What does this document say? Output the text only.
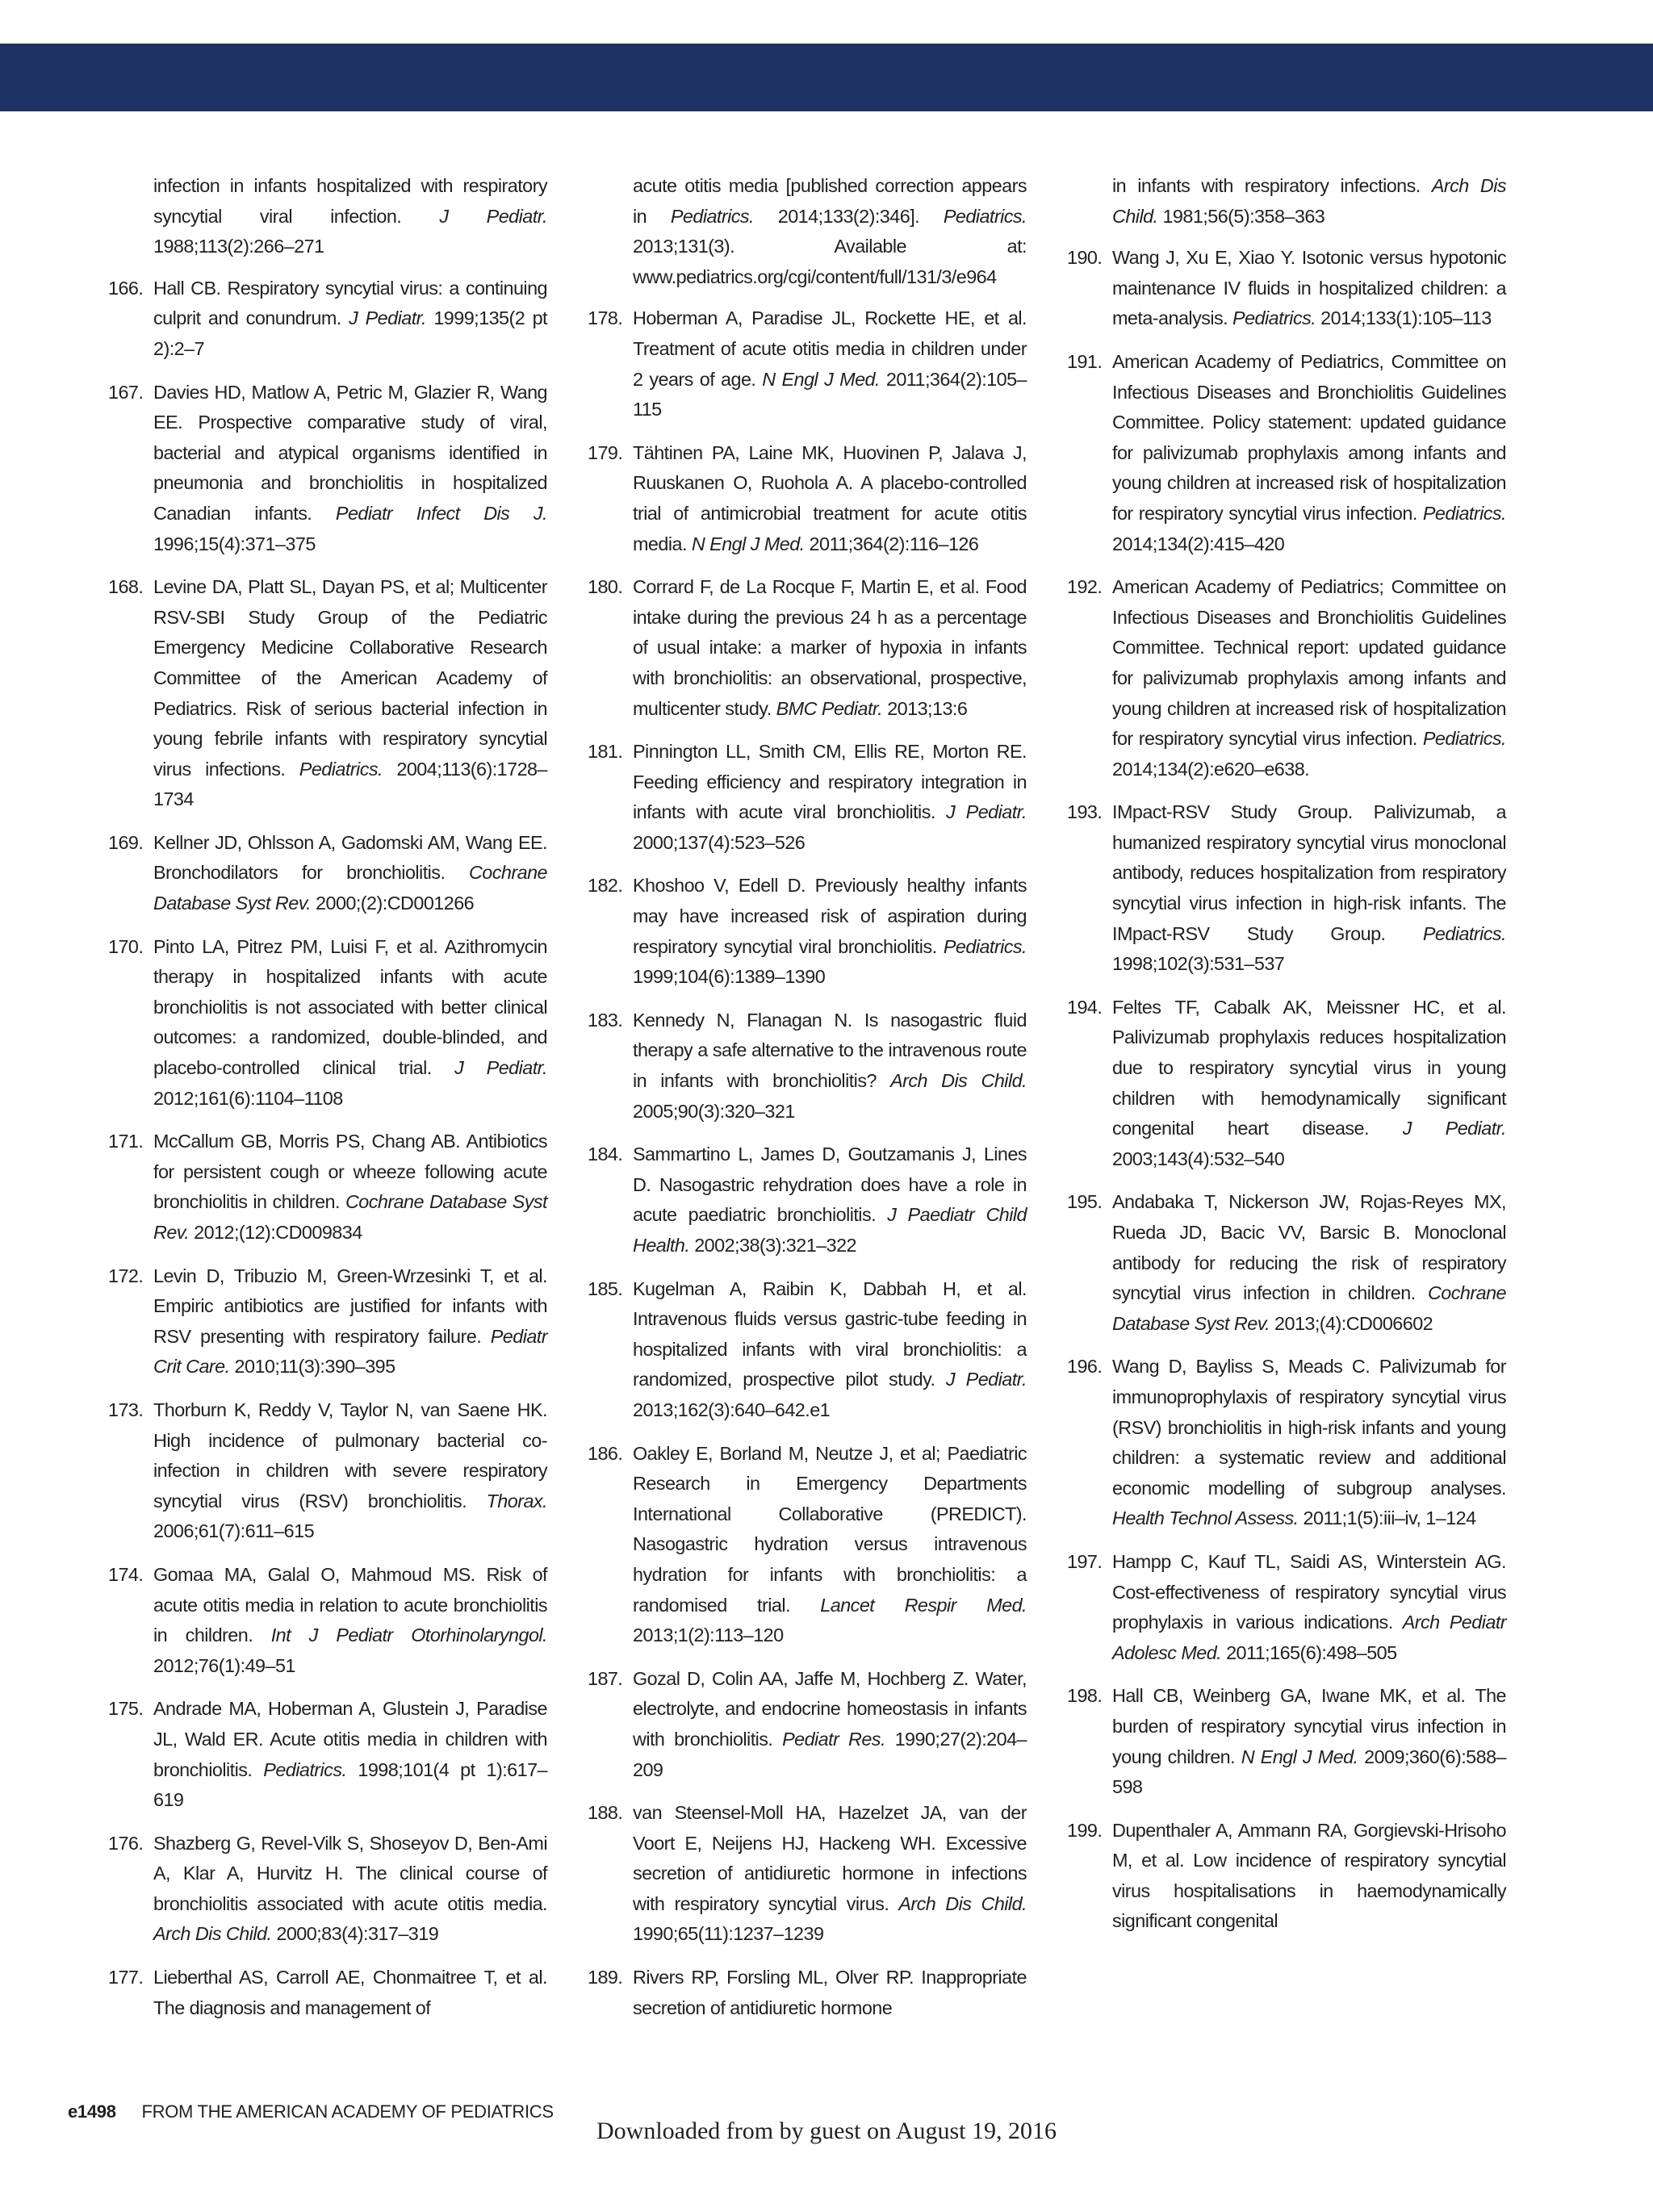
infection in infants hospitalized with respiratory syncytial viral infection. J Pediatr. 1988;113(2):266–271
166. Hall CB. Respiratory syncytial virus: a continuing culprit and conundrum. J Pediatr. 1999;135(2 pt 2):2–7
167. Davies HD, Matlow A, Petric M, Glazier R, Wang EE. Prospective comparative study of viral, bacterial and atypical organisms identified in pneumonia and bronchiolitis in hospitalized Canadian infants. Pediatr Infect Dis J. 1996;15(4):371–375
168. Levine DA, Platt SL, Dayan PS, et al; Multicenter RSV-SBI Study Group of the Pediatric Emergency Medicine Collaborative Research Committee of the American Academy of Pediatrics. Risk of serious bacterial infection in young febrile infants with respiratory syncytial virus infections. Pediatrics. 2004;113(6):1728–1734
169. Kellner JD, Ohlsson A, Gadomski AM, Wang EE. Bronchodilators for bronchiolitis. Cochrane Database Syst Rev. 2000;(2):CD001266
170. Pinto LA, Pitrez PM, Luisi F, et al. Azithromycin therapy in hospitalized infants with acute bronchiolitis is not associated with better clinical outcomes: a randomized, double-blinded, and placebo-controlled clinical trial. J Pediatr. 2012;161(6):1104–1108
171. McCallum GB, Morris PS, Chang AB. Antibiotics for persistent cough or wheeze following acute bronchiolitis in children. Cochrane Database Syst Rev. 2012;(12):CD009834
172. Levin D, Tribuzio M, Green-Wrzesinki T, et al. Empiric antibiotics are justified for infants with RSV presenting with respiratory failure. Pediatr Crit Care. 2010;11(3):390–395
173. Thorburn K, Reddy V, Taylor N, van Saene HK. High incidence of pulmonary bacterial co-infection in children with severe respiratory syncytial virus (RSV) bronchiolitis. Thorax. 2006;61(7):611–615
174. Gomaa MA, Galal O, Mahmoud MS. Risk of acute otitis media in relation to acute bronchiolitis in children. Int J Pediatr Otorhinolaryngol. 2012;76(1):49–51
175. Andrade MA, Hoberman A, Glustein J, Paradise JL, Wald ER. Acute otitis media in children with bronchiolitis. Pediatrics. 1998;101(4 pt 1):617–619
176. Shazberg G, Revel-Vilk S, Shoseyov D, Ben-Ami A, Klar A, Hurvitz H. The clinical course of bronchiolitis associated with acute otitis media. Arch Dis Child. 2000;83(4):317–319
177. Lieberthal AS, Carroll AE, Chonmaitree T, et al. The diagnosis and management of
acute otitis media [published correction appears in Pediatrics. 2014;133(2):346]. Pediatrics. 2013;131(3). Available at: www.pediatrics.org/cgi/content/full/131/3/e964
178. Hoberman A, Paradise JL, Rockette HE, et al. Treatment of acute otitis media in children under 2 years of age. N Engl J Med. 2011;364(2):105–115
179. Tähtinen PA, Laine MK, Huovinen P, Jalava J, Ruuskanen O, Ruohola A. A placebo-controlled trial of antimicrobial treatment for acute otitis media. N Engl J Med. 2011;364(2):116–126
180. Corrard F, de La Rocque F, Martin E, et al. Food intake during the previous 24 h as a percentage of usual intake: a marker of hypoxia in infants with bronchiolitis: an observational, prospective, multicenter study. BMC Pediatr. 2013;13:6
181. Pinnington LL, Smith CM, Ellis RE, Morton RE. Feeding efficiency and respiratory integration in infants with acute viral bronchiolitis. J Pediatr. 2000;137(4):523–526
182. Khoshoo V, Edell D. Previously healthy infants may have increased risk of aspiration during respiratory syncytial viral bronchiolitis. Pediatrics. 1999;104(6):1389–1390
183. Kennedy N, Flanagan N. Is nasogastric fluid therapy a safe alternative to the intravenous route in infants with bronchiolitis? Arch Dis Child. 2005;90(3):320–321
184. Sammartino L, James D, Goutzamanis J, Lines D. Nasogastric rehydration does have a role in acute paediatric bronchiolitis. J Paediatr Child Health. 2002;38(3):321–322
185. Kugelman A, Raibin K, Dabbah H, et al. Intravenous fluids versus gastric-tube feeding in hospitalized infants with viral bronchiolitis: a randomized, prospective pilot study. J Pediatr. 2013;162(3):640–642.e1
186. Oakley E, Borland M, Neutze J, et al; Paediatric Research in Emergency Departments International Collaborative (PREDICT). Nasogastric hydration versus intravenous hydration for infants with bronchiolitis: a randomised trial. Lancet Respir Med. 2013;1(2):113–120
187. Gozal D, Colin AA, Jaffe M, Hochberg Z. Water, electrolyte, and endocrine homeostasis in infants with bronchiolitis. Pediatr Res. 1990;27(2):204–209
188. van Steensel-Moll HA, Hazelzet JA, van der Voort E, Neijens HJ, Hackeng WH. Excessive secretion of antidiuretic hormone in infections with respiratory syncytial virus. Arch Dis Child. 1990;65(11):1237–1239
189. Rivers RP, Forsling ML, Olver RP. Inappropriate secretion of antidiuretic hormone
in infants with respiratory infections. Arch Dis Child. 1981;56(5):358–363
190. Wang J, Xu E, Xiao Y. Isotonic versus hypotonic maintenance IV fluids in hospitalized children: a meta-analysis. Pediatrics. 2014;133(1):105–113
191. American Academy of Pediatrics, Committee on Infectious Diseases and Bronchiolitis Guidelines Committee. Policy statement: updated guidance for palivizumab prophylaxis among infants and young children at increased risk of hospitalization for respiratory syncytial virus infection. Pediatrics. 2014;134(2):415–420
192. American Academy of Pediatrics; Committee on Infectious Diseases and Bronchiolitis Guidelines Committee. Technical report: updated guidance for palivizumab prophylaxis among infants and young children at increased risk of hospitalization for respiratory syncytial virus infection. Pediatrics. 2014;134(2):e620–e638.
193. IMpact-RSV Study Group. Palivizumab, a humanized respiratory syncytial virus monoclonal antibody, reduces hospitalization from respiratory syncytial virus infection in high-risk infants. The IMpact-RSV Study Group. Pediatrics. 1998;102(3):531–537
194. Feltes TF, Cabalk AK, Meissner HC, et al. Palivizumab prophylaxis reduces hospitalization due to respiratory syncytial virus in young children with hemodynamically significant congenital heart disease. J Pediatr. 2003;143(4):532–540
195. Andabaka T, Nickerson JW, Rojas-Reyes MX, Rueda JD, Bacic VV, Barsic B. Monoclonal antibody for reducing the risk of respiratory syncytial virus infection in children. Cochrane Database Syst Rev. 2013;(4):CD006602
196. Wang D, Bayliss S, Meads C. Palivizumab for immunoprophylaxis of respiratory syncytial virus (RSV) bronchiolitis in high-risk infants and young children: a systematic review and additional economic modelling of subgroup analyses. Health Technol Assess. 2011;1(5):iii–iv, 1–124
197. Hampp C, Kauf TL, Saidi AS, Winterstein AG. Cost-effectiveness of respiratory syncytial virus prophylaxis in various indications. Arch Pediatr Adolesc Med. 2011;165(6):498–505
198. Hall CB, Weinberg GA, Iwane MK, et al. The burden of respiratory syncytial virus infection in young children. N Engl J Med. 2009;360(6):588–598
199. Dupenthaler A, Ammann RA, Gorgievski-Hrisoho M, et al. Low incidence of respiratory syncytial virus hospitalisations in haemodynamically significant congenital
e1498 FROM THE AMERICAN ACADEMY OF PEDIATRICS
Downloaded from by guest on August 19, 2016
